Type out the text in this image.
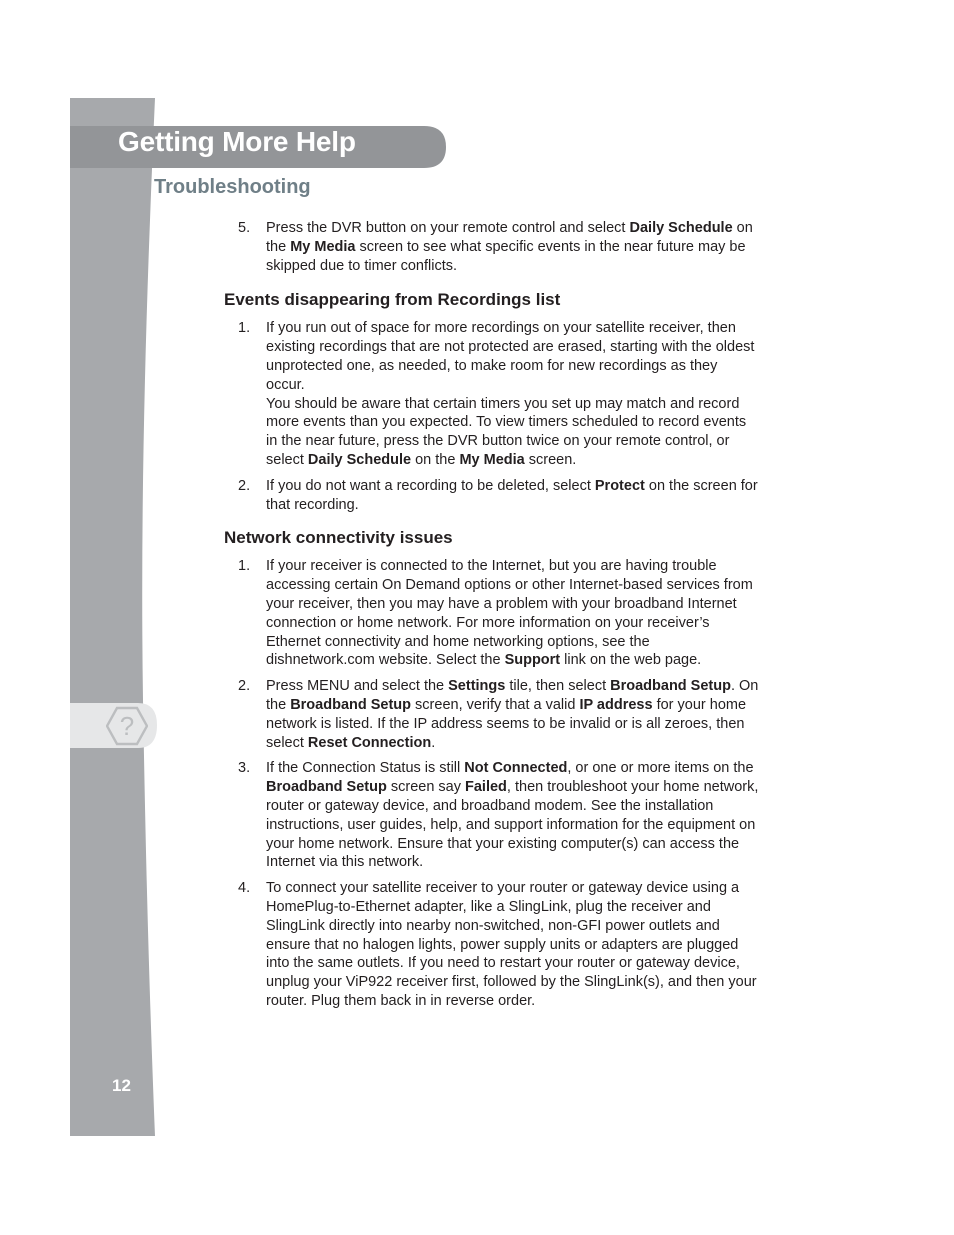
?
Getting More Help
Troubleshooting
12
5. Press the DVR button on your remote control and select Daily Schedule on the My Media screen to see what specific events in the near future may be skipped due to timer conflicts.
Events disappearing from Recordings list
1. If you run out of space for more recordings on your satellite receiver, then existing recordings that are not protected are erased, starting with the oldest unprotected one, as needed, to make room for new recordings as they occur.
You should be aware that certain timers you set up may match and record more events than you expected. To view timers scheduled to record events in the near future, press the DVR button twice on your remote control, or select Daily Schedule on the My Media screen.
2. If you do not want a recording to be deleted, select Protect on the screen for that recording.
Network connectivity issues
1. If your receiver is connected to the Internet, but you are having trouble accessing certain On Demand options or other Internet-based services from your receiver, then you may have a problem with your broadband Internet connection or home network. For more information on your receiver’s Ethernet connectivity and home networking options, see the dishnetwork.com website. Select the Support link on the web page.
2. Press MENU and select the Settings tile, then select Broadband Setup. On the Broadband Setup screen, verify that a valid IP address for your home network is listed. If the IP address seems to be invalid or is all zeroes, then select Reset Connection.
3. If the Connection Status is still Not Connected, or one or more items on the Broadband Setup screen say Failed, then troubleshoot your home network, router or gateway device, and broadband modem. See the installation instructions, user guides, help, and support information for the equipment on your home network. Ensure that your existing computer(s) can access the Internet via this network.
4. To connect your satellite receiver to your router or gateway device using a HomePlug-to-Ethernet adapter, like a SlingLink, plug the receiver and SlingLink directly into nearby non-switched, non-GFI power outlets and ensure that no halogen lights, power supply units or adapters are plugged into the same outlets. If you need to restart your router or gateway device, unplug your ViP922 receiver first, followed by the SlingLink(s), and then your router. Plug them back in in reverse order.
